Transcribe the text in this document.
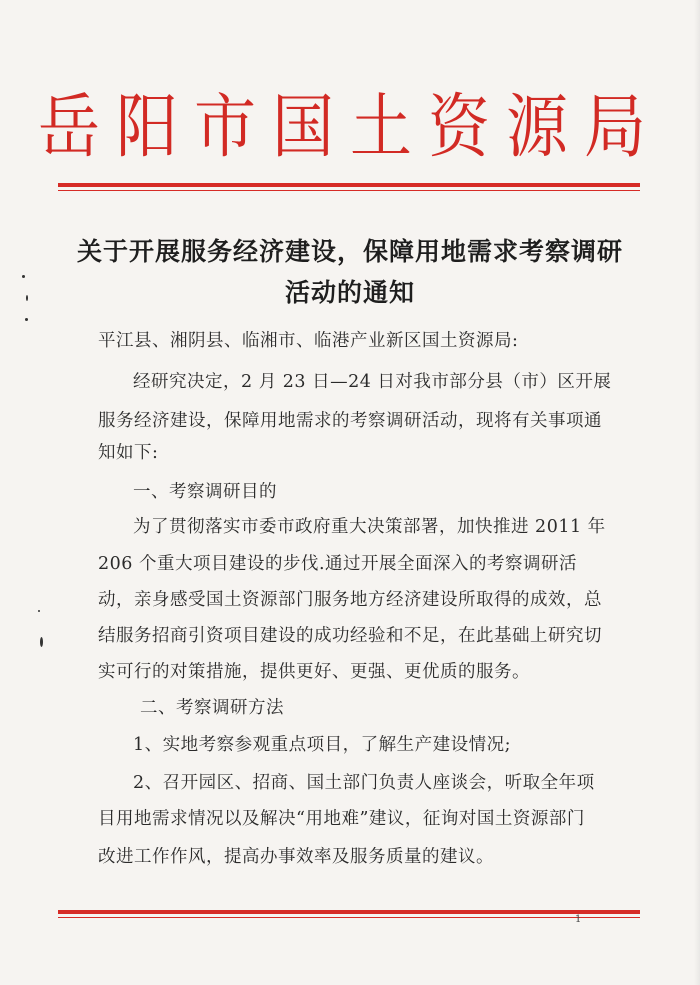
岳阳市国土资源局
关于开展服务经济建设，保障用地需求考察调研
活动的通知
平江县、湘阴县、临湘市、临港产业新区国土资源局:
经研究决定，2 月 23 日—24 日对我市部分县（市）区开展
服务经济建设，保障用地需求的考察调研活动，现将有关事项通
知如下:
一、考察调研目的
为了贯彻落实市委市政府重大决策部署，加快推进 2011 年
206 个重大项目建设的步伐.通过开展全面深入的考察调研活
动，亲身感受国土资源部门服务地方经济建设所取得的成效，总
结服务招商引资项目建设的成功经验和不足，在此基础上研究切
实可行的对策措施，提供更好、更强、更优质的服务。
二、考察调研方法
1、实地考察参观重点项目，了解生产建设情况;
2、召开园区、招商、国土部门负责人座谈会，听取全年项
目用地需求情况以及解决“用地难”建议，征询对国土资源部门
改进工作作风，提高办事效率及服务质量的建议。
1
